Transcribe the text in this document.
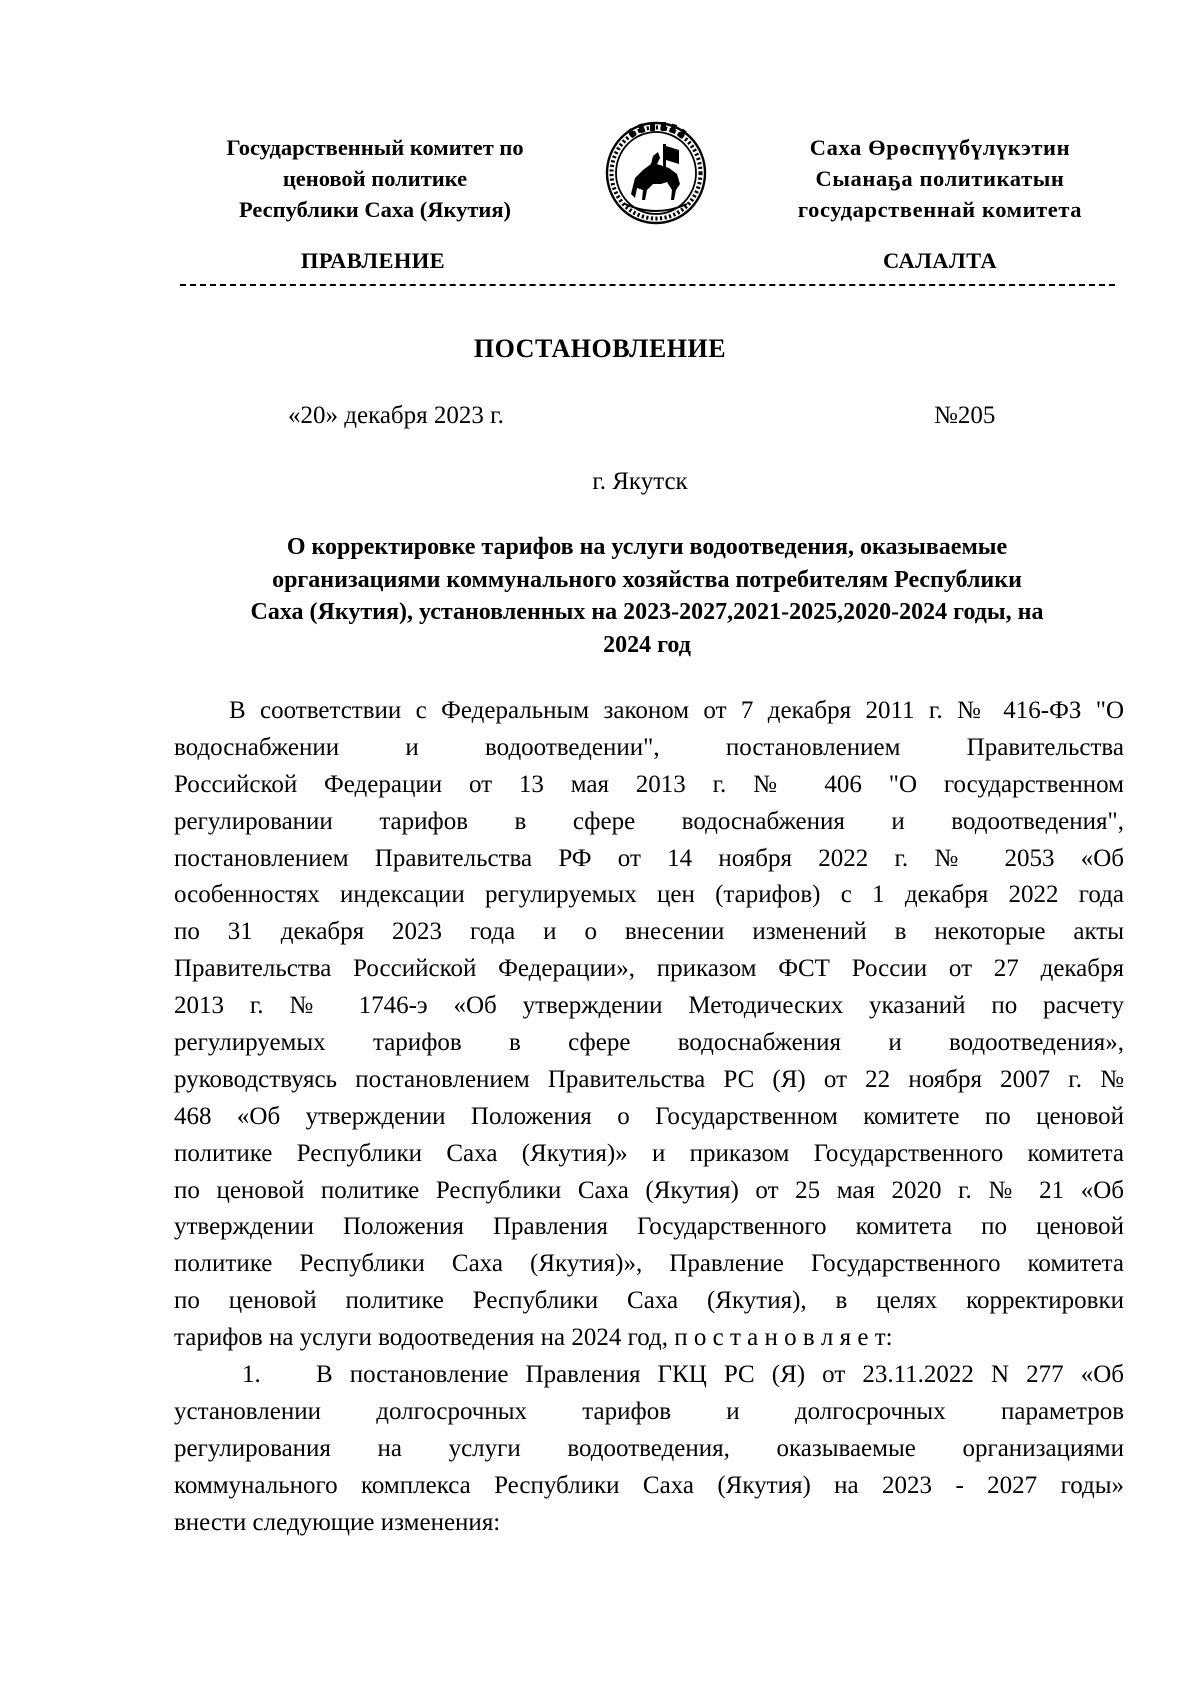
Государственный комитет по
ценовой политике
Республики Саха (Якутия)
Саха Өрөспүүбүлүкэтин
Сыанаҕа политикатын
государственнай комитета
ПРАВЛЕНИЕ	САЛАЛТА
ПОСТАНОВЛЕНИЕ
«20» декабря 2023 г.	№205
г. Якутск
О корректировке тарифов на услуги водоотведения, оказываемые
организациями коммунального хозяйства потребителям Республики
Саха (Якутия), установленных на 2023-2027,2021-2025,2020-2024 годы, на
2024 год
В соответствии с Федеральным законом от 7 декабря 2011 г. № 416-ФЗ "О
водоснабжении и водоотведении", постановлением Правительства
Российской Федерации от 13 мая 2013 г. № 406 "О государственном
регулировании тарифов в сфере водоснабжения и водоотведения",
постановлением Правительства РФ от 14 ноября 2022 г. № 2053 «Об
особенностях индексации регулируемых цен (тарифов) с 1 декабря 2022 года
по 31 декабря 2023 года и о внесении изменений в некоторые акты
Правительства Российской Федерации», приказом ФСТ России от 27 декабря
2013 г. № 1746-э «Об утверждении Методических указаний по расчету
регулируемых тарифов в сфере водоснабжения и водоотведения»,
руководствуясь постановлением Правительства РС (Я) от 22 ноября 2007 г. №
468 «Об утверждении Положения о Государственном комитете по ценовой
политике Республики Саха (Якутия)» и приказом Государственного комитета
по ценовой политике Республики Саха (Якутия) от 25 мая 2020 г. № 21 «Об
утверждении Положения Правления Государственного комитета по ценовой
политике Республики Саха (Якутия)», Правление Государственного комитета
по ценовой политике Республики Саха (Якутия), в целях корректировки
тарифов на услуги водоотведения на 2024 год, п о с т а н о в л я е т:
1. В постановление Правления ГКЦ РС (Я) от 23.11.2022 N 277 «Об
установлении долгосрочных тарифов и долгосрочных параметров
регулирования на услуги водоотведения, оказываемые организациями
коммунального комплекса Республики Саха (Якутия) на 2023 - 2027 годы»
внести следующие изменения:
